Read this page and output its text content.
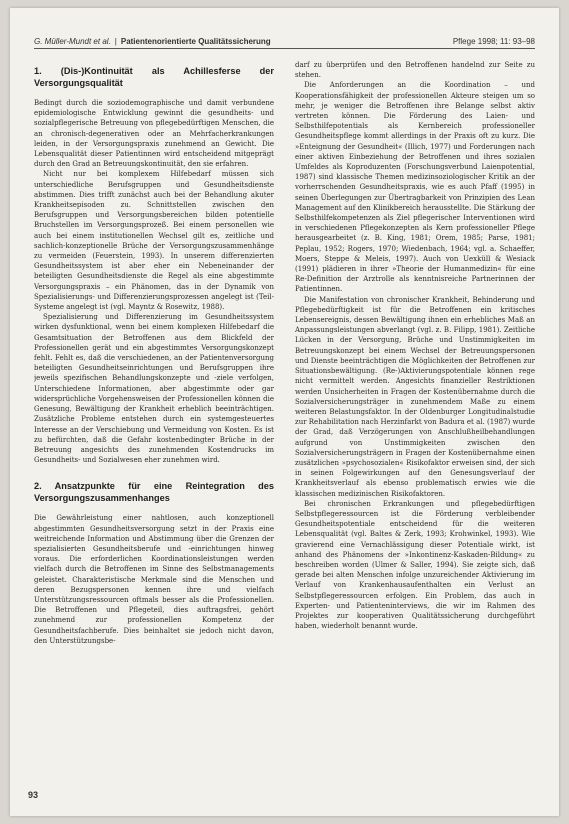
G. Müller-Mundt et al. | Patientenorientierte Qualitätssicherung	Pflege 1998; 11: 93–98
1. (Dis-)Kontinuität als Achillesferse der Versorgungsqualität

Bedingt durch die soziodemographische und damit verbundene epidemiologische Entwicklung gewinnt die gesundheits- und sozialpflegerische Betreuung von pflegebedürftigen Menschen, die an chronisch-degenerativen oder an Mehrfacherkrankungen leiden, in der Versorgungspraxis zunehmend an Gewicht. Die Lebensqualität dieser Patientinnen wird entscheidend mitgeprägt durch den Grad an Betreuungskontinuität, den sie erfahren.

Nicht nur bei komplexem Hilfebedarf müssen sich unterschiedliche Berufsgruppen und Gesundheitsdienste abstimmen. Dies trifft zunächst auch bei der Behandlung akuter Krankheitsepisoden zu. Schnittstellen zwischen den Berufsgruppen und Versorgungsbereichen bilden potentielle Bruchstellen im Versorgungsprozeß. Bei einem personellen wie auch bei einem institutionellen Wechsel gilt es, zeitliche und sachlich-konzeptionelle Brüche der Versorgungszusammenhänge zu vermeiden (Feuerstein, 1993). In unserem differenzierten Gesundheitssystem ist aber eher ein Nebeneinander der beteiligten Gesundheitsdienste die Regel als eine abgestimmte Versorgungspraxis – ein Phänomen, das in der Dynamik von Spezialisierungs- und Differenzierungsprozessen angelegt ist (Teil-Systeme angelegt ist (vgl. Mayntz & Rosewitz, 1988).

Spezialisierung und Differenzierung im Gesundheitssystem wirken dysfunktional, wenn bei einem komplexen Hilfebedarf die Gesamtsituation der Betroffenen aus dem Blickfeld der Professionellen gerät und ein abgestimmtes Versorgungskonzept fehlt. Fehlt es, daß die verschiedenen, an der Patientenversorgung beteiligten Gesundheitseinrichtungen und Berufsgruppen ihre jeweils spezifischen Behandlungskonzepte und -ziele verfolgen, Unterschiedene Informationen, aber abgestimmte oder gar widersprüchliche Vorgehensweisen der Professionellen können die Genesung, Bewältigung der Krankheit erheblich beeinträchtigen. Zusätzliche Probleme entstehen durch ein systemgesteuertes Interesse an der Verschiebung und Vermeidung von Kosten. Es ist zu befürchten, daß die Gefahr kostenbedingter Brüche in der Betreuung angesichts des zunehmenden Kostendrucks im Gesundheits- und Sozialwesen eher zunehmen wird.

2. Ansatzpunkte für eine Reintegration des Versorgungszusammenhanges

Die Gewährleistung einer nahtlosen, auch konzeptionell abgestimmten Gesundheitsversorgung setzt in der Praxis eine weitreichende Information und Abstimmung über die Grenzen der spezialisierten Gesundheitsberufe und -einrichtungen hinweg voraus. Die erforderlichen Koordinationsleistungen werden vielfach durch die Betroffenen im Sinne des Selbstmanagements geleistet. Charakteristische Merkmale sind die Menschen und deren Bezugspersonen kennen ihre und vielfach Unterstützungsressourcen oftmals besser als die Professionellen. Die Betroffenen und Pflegeteil, dies auftragsfrei, gehört zunehmend zur professionellen Kompetenz der Gesundheitsfachberufe. Dies beinhaltet sie jedoch nicht davon, den Unterstützungsbe-

darf zu überprüfen und den Betroffenen handelnd zur Seite zu stehen.

Die Anforderungen an die Koordination – und Kooperationsfähigkeit der professionellen Akteure steigen um so mehr, je weniger die Betroffenen ihre Belange selbst aktiv vertreten können. Die Förderung des Laien- und Selbsthilfepotentials als Kernbereich professioneller Gesundheitspflege kommt allerdings in der Praxis oft zu kurz. Die »Enteignung der Gesundheit« (Illich, 1977) und Forderungen nach einer aktiven Einbeziehung der Betroffenen und ihres sozialen Umfeldes als Koproduzenten (Forschungsverbund Laienpotential, 1987) sind klassische Themen medizinsoziologischer Kritik an der vorherrschenden Gesundheitspraxis, wie es auch Pfaff (1995) in seinen Überlegungen zur Übertragbarkeit von Prinzipien des Lean Management auf den Klinikbereich herausstellte. Die Stärkung der Selbsthilfekompetenzen als Ziel pflegerischer Interventionen wird in verschiedenen Pflegekonzepten als Kern professioneller Pflege herausgearbeitet (z. B. King, 1981; Orem, 1985; Parse, 1981; Peplau, 1952; Rogers, 1970; Wiedenbach, 1964; vgl. a. Schaeffer, Moers, Steppe & Meleis, 1997). Auch von Uexküll & Wesiack (1991) plädieren in ihrer »Theorie der Humanmedizin« für eine Re-Definition der Arztrolle als kenntnisreiche Partnerinnen der Patientinnen.

Die Manifestation von chronischer Krankheit, Behinderung und Pflegebedürftigkeit ist für die Betroffenen ein kritisches Lebensereignis, dessen Bewältigung ihnen ein erhebliches Maß an Anpassungsleistungen abverlangt (vgl. z. B. Filipp, 1981). Zeitliche Lücken in der Versorgung, Brüche und Unstimmigkeiten im Betreuungskonzept bei einem Wechsel der Betreuungspersonen und Dienste beeinträchtigen die Möglichkeiten der Betroffenen zur Situationsbewältigung. (Re-)Aktivierungspotentiale können rege nicht vermittelt werden. Angesichts finanzieller Restriktionen werden Unsicherheiten in Fragen der Kostenübernahme durch die Sozialversicherungsträger in zunehmendem Maße zu einem weiteren Belastungsfaktor. In der Oldenburger Longitudinalstudie zur Rehabilitation nach Herzinfarkt von Badura et al. (1987) wurde der Grad, daß Verzögerungen von Anschlußheilbehandlungen aufgrund von Unstimmigkeiten zwischen den Sozialversicherungsträgern in Fragen der Kostenübernahme einen zusätzlichen »psychosozialen« Risikofaktor erweisen sind, der sich in seinen Folgewirkungen auf den Genesungsverlauf der Krankheitsverlauf als ebenso problematisch erwies wie die klassischen medizinischen Risikofaktoren.

Bei chronischen Erkrankungen und pflegebedürftigen Selbstpflegeressourcen ist die Förderung verbleibender Gesundheitspotentiale entscheidend für die weiteren Lebensqualität (vgl. Baltes & Zerk, 1993; Krohwinkel, 1993). Wie gravierend eine Vernachlässigung dieser Potentiale wirkt, ist anhand des Phänomens der »Inkontinenz-Kaskaden-Bildung« zu beschreiben worden (Ulmer & Saller, 1994). Sie zeigte sich, daß gerade bei alten Menschen infolge unzureichender Aktivierung im Verlauf von Krankenhausaufenthalten ein Verlust an Selbstpflegeressourcen erfolgen. Ein Problem, das auch in Experten- und Patienteninterviews, die wir im Rahmen des Projektes zur kooperativen Qualitätssicherung durchgeführt haben, wiederholt benannt wurde.

93
